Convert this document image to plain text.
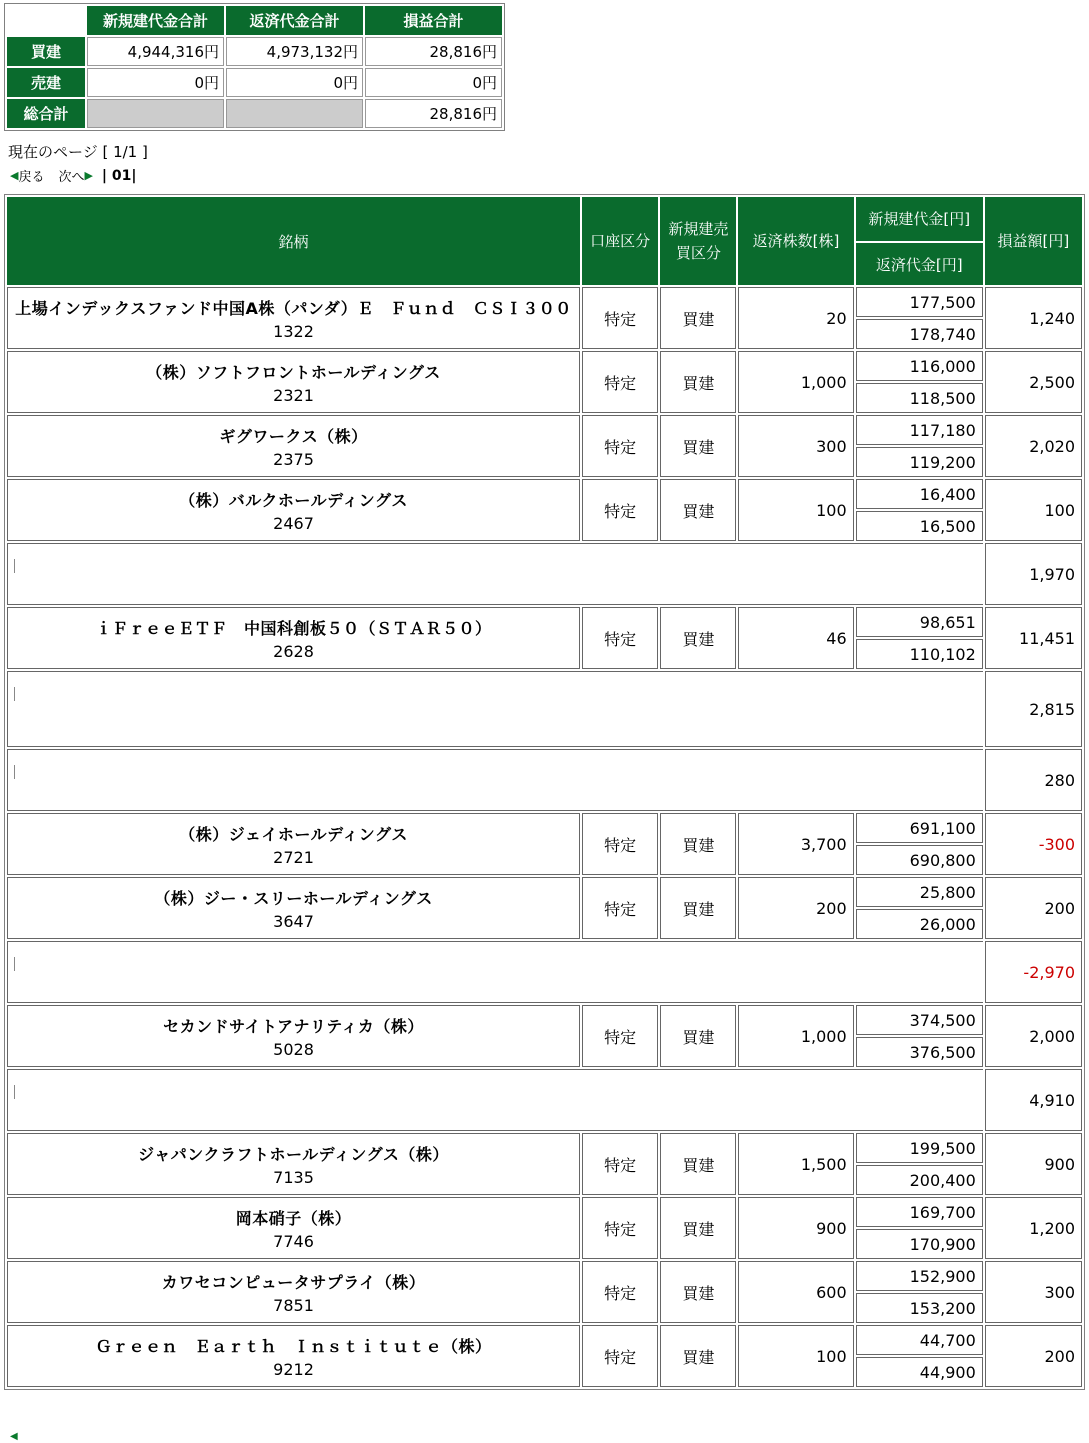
	新規建代金合計	返済代金合計	損益合計
買建	4,944,316円	4,973,132円	28,816円
売建	0円	0円	0円
総合計			28,816円
現在のページ [ 1/1 ]
◀ 戻る 次へ ▶ | 01|
銘柄	口座区分	新規建売買区分	返済株数[株]	新規建代金[円]	損益額[円]
				返済代金[円]	

上場インデックスファンド中国A株（パンダ）Ｅ　Ｆｕｎｄ　ＣＳＩ３００
1322	特定	買建	20	177,500	1,240
				178,740	

（株）ソフトフロントホールディングス
2321	特定	買建	1,000	116,000	2,500
				118,500	

ギグワークス（株）
2375	特定	買建	300	117,180	2,020
				119,200	

（株）バルクホールディングス
2467	特定	買建	100	16,400	100
				16,500	
					1,970

ｉＦｒｅｅＥＴＦ　中国科創板５０（ＳＴＡＲ５０）
2628	特定	買建	46	98,651	11,451
				110,102	
					2,815
					280

（株）ジェイホールディングス
2721	特定	買建	3,700	691,100	-300
				690,800	

（株）ジー・スリーホールディングス
3647	特定	買建	200	25,800	200
				26,000	
					-2,970

セカンドサイトアナリティカ（株）
5028	特定	買建	1,000	374,500	2,000
				376,500	
					4,910

ジャパンクラフトホールディングス（株）
7135	特定	買建	1,500	199,500	900
				200,400	

岡本硝子（株）
7746	特定	買建	900	169,700	1,200
				170,900	

カワセコンピュータサプライ（株）
7851	特定	買建	600	152,900	300
				153,200	

Ｇｒｅｅｎ　Ｅａｒｔｈ　Ｉｎｓｔｉｔｕｔｅ（株）
9212	特定	買建	100	44,700	200
				44,900	
◀
